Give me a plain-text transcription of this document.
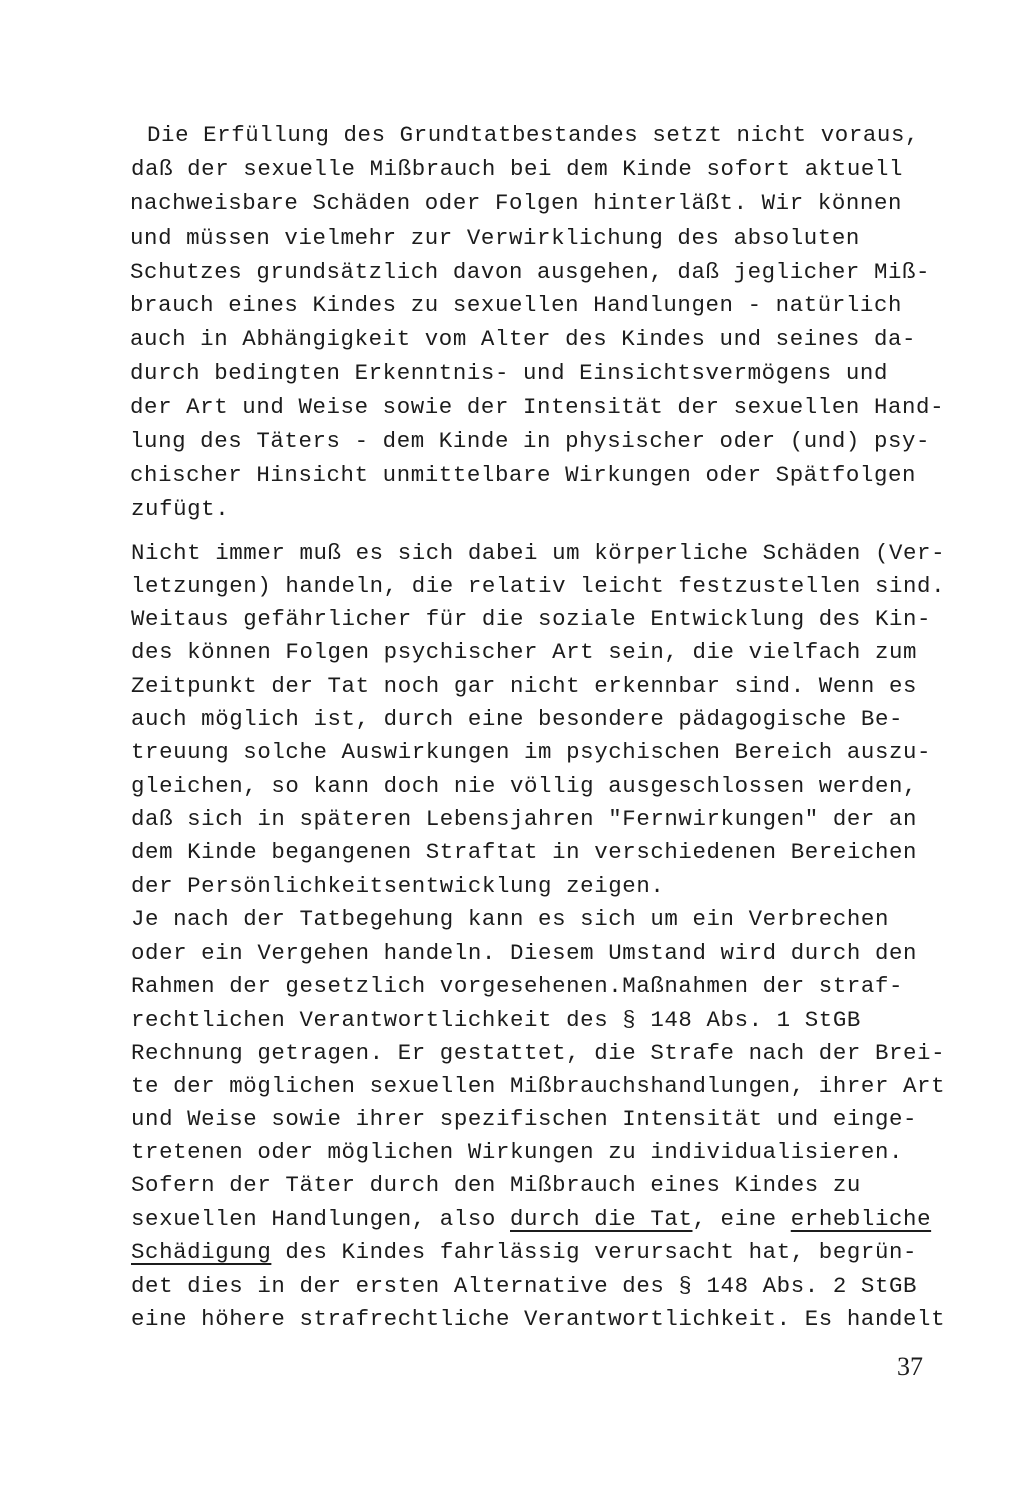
Die Erfüllung des Grundtatbestandes setzt nicht voraus,
daß der sexuelle Mißbrauch bei dem Kinde sofort aktuell
nachweisbare Schäden oder Folgen hinterläßt. Wir können
und müssen vielmehr zur Verwirklichung des absoluten
Schutzes grundsätzlich davon ausgehen, daß jeglicher Miß-
brauch eines Kindes zu sexuellen Handlungen - natürlich
auch in Abhängigkeit vom Alter des Kindes und seines da-
durch bedingten Erkenntnis- und Einsichtsvermögens und
der Art und Weise sowie der Intensität der sexuellen Hand-
lung des Täters - dem Kinde in physischer oder (und) psy-
chischer Hinsicht unmittelbare Wirkungen oder Spätfolgen
zufügt.
Nicht immer muß es sich dabei um körperliche Schäden (Ver-
letzungen) handeln, die relativ leicht festzustellen sind.
Weitaus gefährlicher für die soziale Entwicklung des Kin-
des können Folgen psychischer Art sein, die vielfach zum
Zeitpunkt der Tat noch gar nicht erkennbar sind. Wenn es
auch möglich ist, durch eine besondere pädagogische Be-
treuung solche Auswirkungen im psychischen Bereich auszu-
gleichen, so kann doch nie völlig ausgeschlossen werden,
daß sich in späteren Lebensjahren "Fernwirkungen" der an
dem Kinde begangenen Straftat in verschiedenen Bereichen
der Persönlichkeitsentwicklung zeigen.
Je nach der Tatbegehung kann es sich um ein Verbrechen
oder ein Vergehen handeln. Diesem Umstand wird durch den
Rahmen der gesetzlich vorgesehenen.Maßnahmen der straf-
rechtlichen Verantwortlichkeit des § 148 Abs. 1 StGB
Rechnung getragen. Er gestattet, die Strafe nach der Brei-
te der möglichen sexuellen Mißbrauchshandlungen, ihrer Art
und Weise sowie ihrer spezifischen Intensität und einge-
tretenen oder möglichen Wirkungen zu individualisieren.
Sofern der Täter durch den Mißbrauch eines Kindes zu
sexuellen Handlungen, also durch die Tat, eine erhebliche
Schädigung des Kindes fahrlässig verursacht hat, begrün-
det dies in der ersten Alternative des § 148 Abs. 2 StGB
eine höhere strafrechtliche Verantwortlichkeit. Es handelt
37
